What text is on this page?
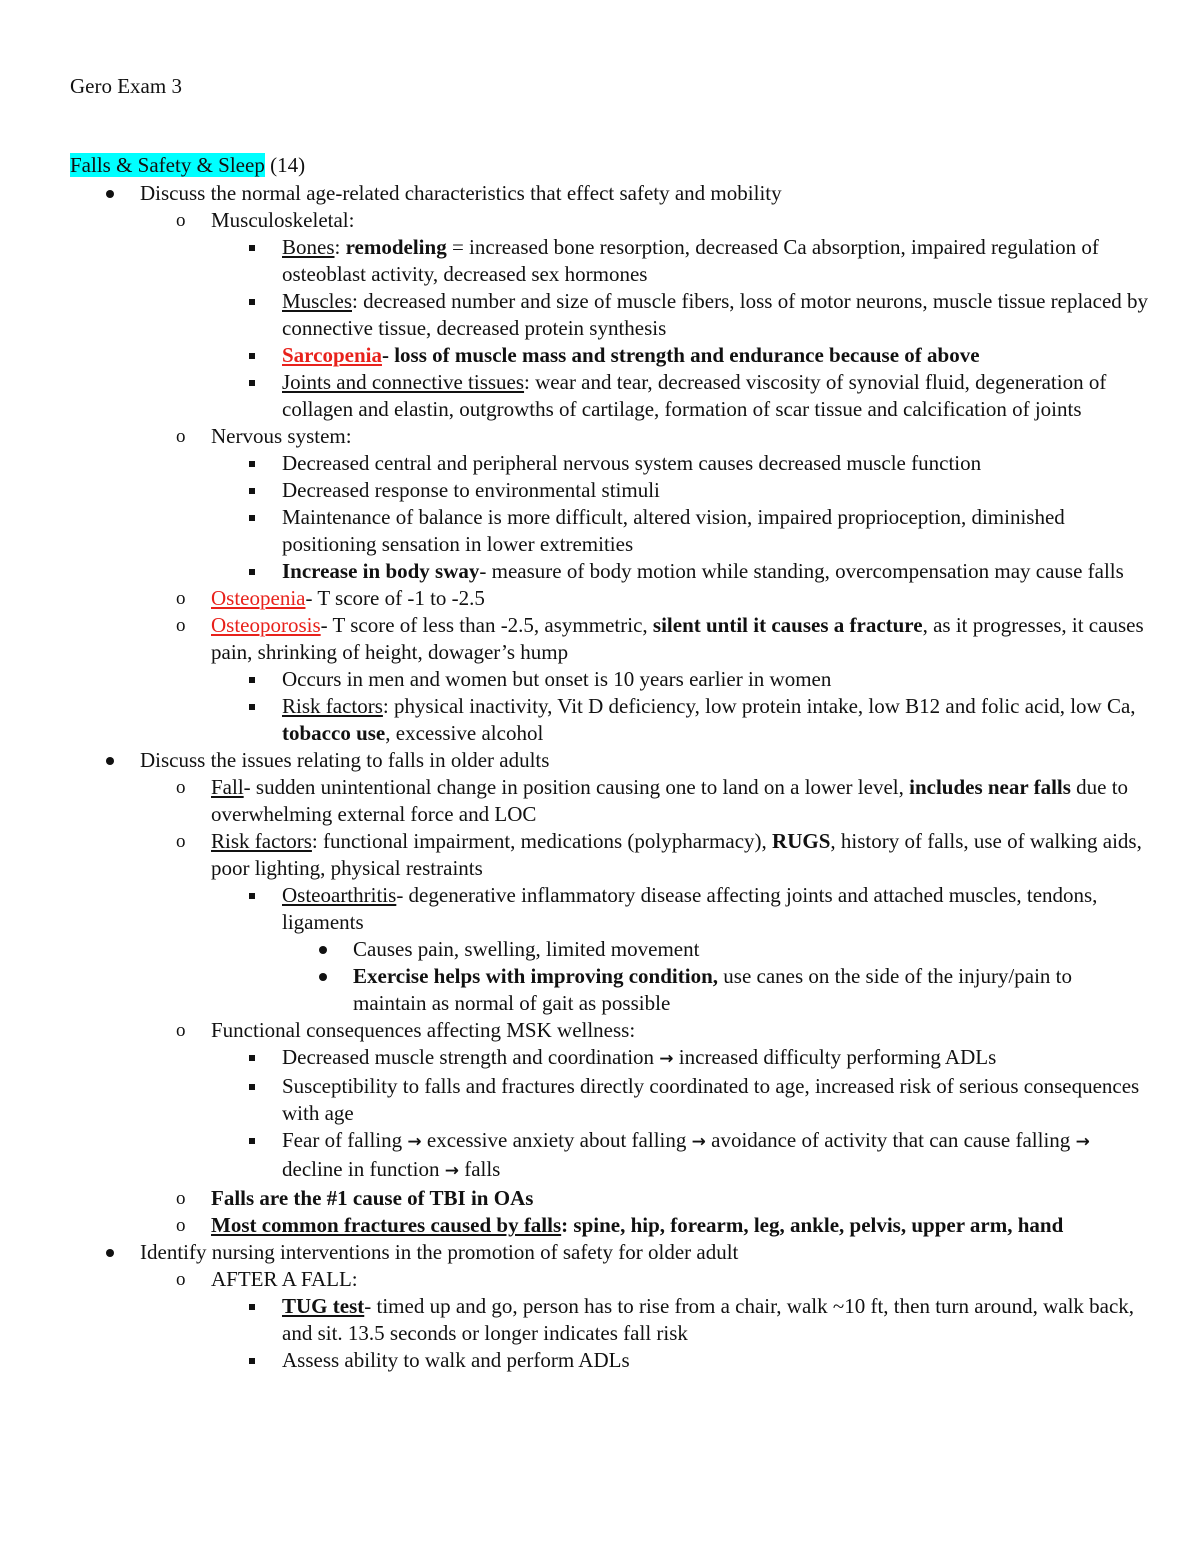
Gero Exam 3

Falls & Safety & Sleep (14)

Discuss the normal age-related characteristics that effect safety and mobility
o Musculoskeletal:
Bones: remodeling = increased bone resorption, decreased Ca absorption, impaired regulation of osteoblast activity, decreased sex hormones
Muscles: decreased number and size of muscle fibers, loss of motor neurons, muscle tissue replaced by connective tissue, decreased protein synthesis
Sarcopenia- loss of muscle mass and strength and endurance because of above
Joints and connective tissues: wear and tear, decreased viscosity of synovial fluid, degeneration of collagen and elastin, outgrowths of cartilage, formation of scar tissue and calcification of joints
o Nervous system:
Decreased central and peripheral nervous system causes decreased muscle function
Decreased response to environmental stimuli
Maintenance of balance is more difficult, altered vision, impaired proprioception, diminished positioning sensation in lower extremities
Increase in body sway- measure of body motion while standing, overcompensation may cause falls
o Osteopenia- T score of -1 to -2.5
o Osteoporosis- T score of less than -2.5, asymmetric, silent until it causes a fracture, as it progresses, it causes pain, shrinking of height, dowager’s hump
Occurs in men and women but onset is 10 years earlier in women
Risk factors: physical inactivity, Vit D deficiency, low protein intake, low B12 and folic acid, low Ca, tobacco use, excessive alcohol
Discuss the issues relating to falls in older adults
o Fall- sudden unintentional change in position causing one to land on a lower level, includes near falls due to overwhelming external force and LOC
o Risk factors: functional impairment, medications (polypharmacy), RUGS, history of falls, use of walking aids, poor lighting, physical restraints
Osteoarthritis- degenerative inflammatory disease affecting joints and attached muscles, tendons, ligaments
Causes pain, swelling, limited movement
Exercise helps with improving condition, use canes on the side of the injury/pain to maintain as normal of gait as possible
o Functional consequences affecting MSK wellness:
Decreased muscle strength and coordination → increased difficulty performing ADLs
Susceptibility to falls and fractures directly coordinated to age, increased risk of serious consequences with age
Fear of falling → excessive anxiety about falling → avoidance of activity that can cause falling → decline in function → falls
o Falls are the #1 cause of TBI in OAs
o Most common fractures caused by falls: spine, hip, forearm, leg, ankle, pelvis, upper arm, hand
Identify nursing interventions in the promotion of safety for older adult
o AFTER A FALL:
TUG test- timed up and go, person has to rise from a chair, walk ~10 ft, then turn around, walk back, and sit. 13.5 seconds or longer indicates fall risk
Assess ability to walk and perform ADLs
